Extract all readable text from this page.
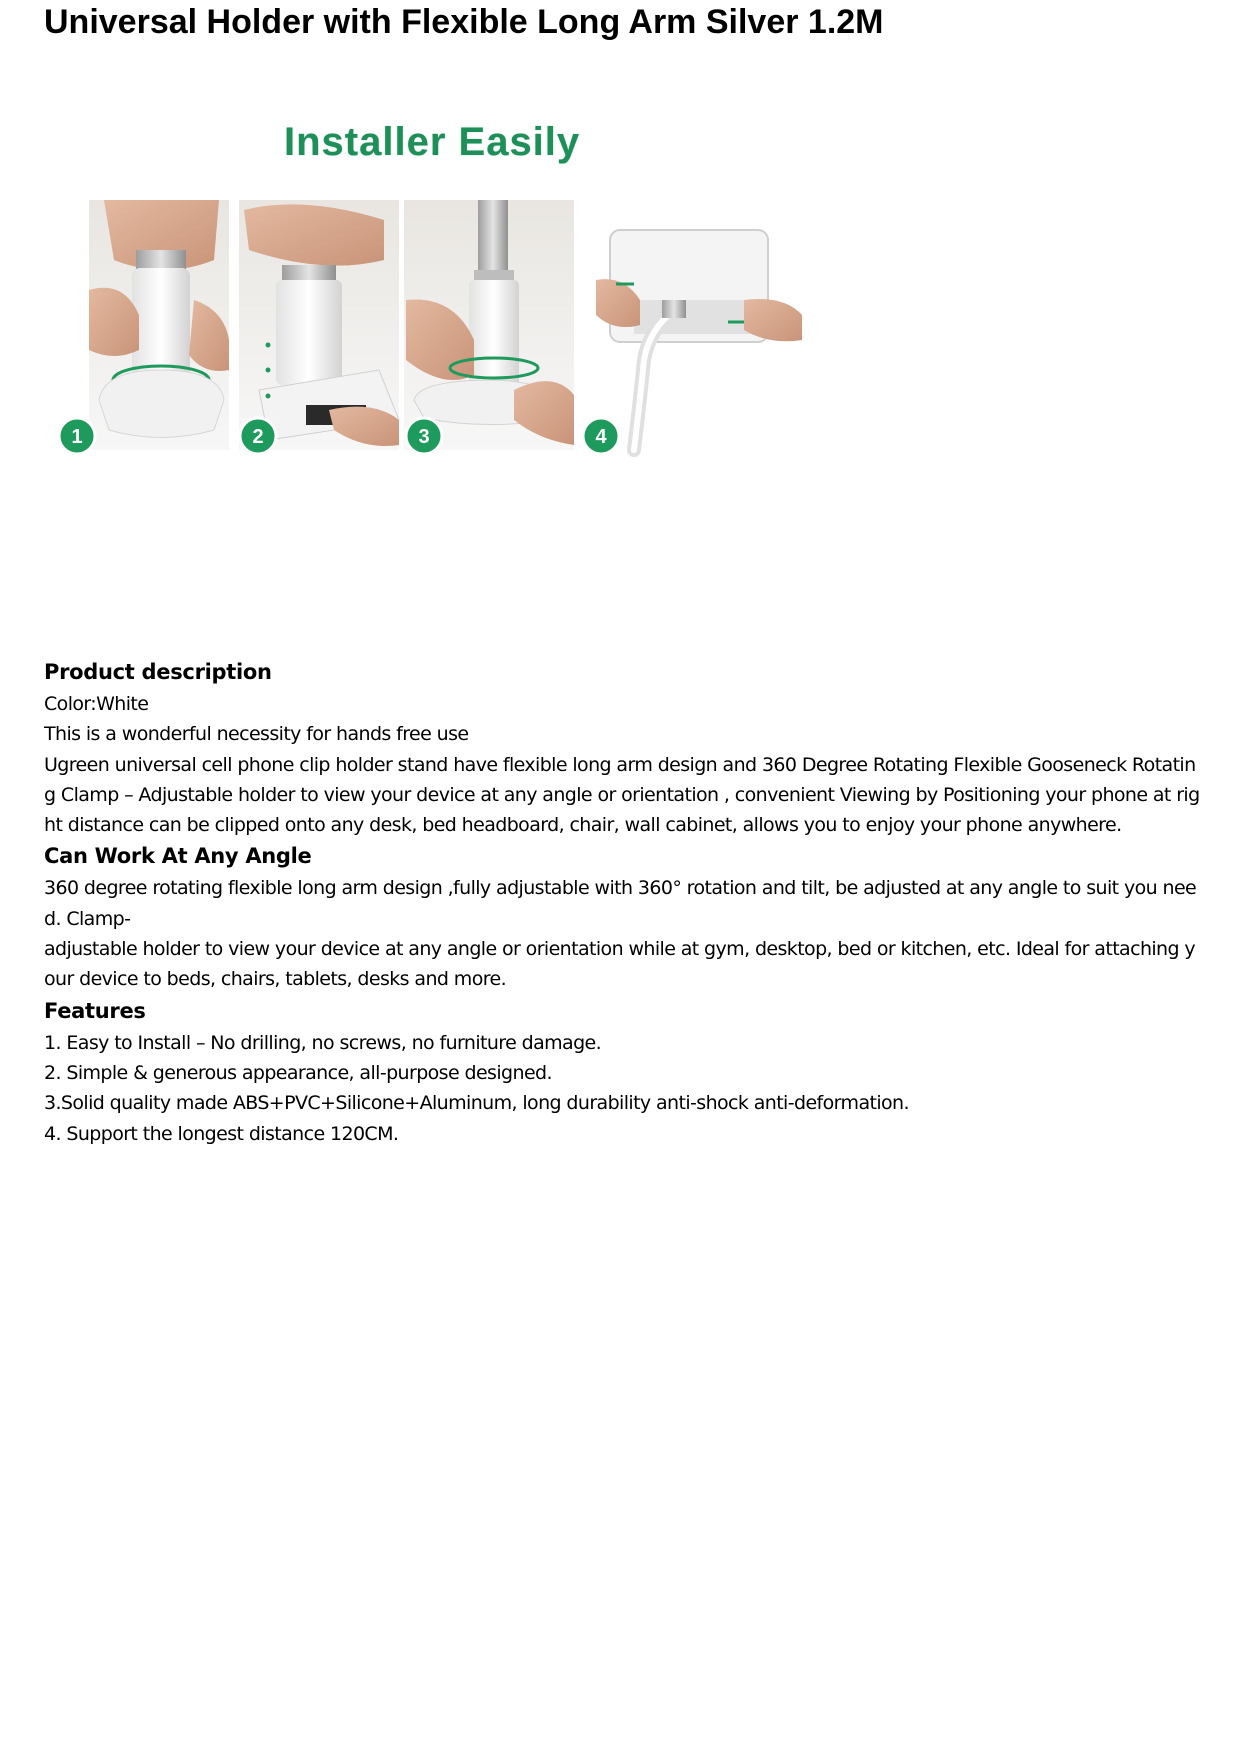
Universal Holder with Flexible Long Arm Silver 1.2M
Installer Easily
1	2	3	4
Product description

Color:White

This is a wonderful necessity for hands free use

Ugreen universal cell phone clip holder stand have flexible long arm design and 360 Degree Rotating Flexible Gooseneck Rotating Clamp – Adjustable holder to view your device at any angle or orientation , convenient Viewing by Positioning your phone at right distance can be clipped onto any desk, bed headboard, chair, wall cabinet, allows you to enjoy your phone anywhere.

Can Work At Any Angle

360 degree rotating flexible long arm design ,fully adjustable with 360° rotation and tilt, be adjusted at any angle to suit you need. Clamp-

adjustable holder to view your device at any angle or orientation while at gym, desktop, bed or kitchen, etc. Ideal for attaching your device to beds, chairs, tablets, desks and more.

Features

1. Easy to Install – No drilling, no screws, no furniture damage.

2. Simple & generous appearance, all-purpose designed.

3.Solid quality made ABS+PVC+Silicone+Aluminum, long durability anti-shock anti-deformation.

4. Support the longest distance 120CM.
